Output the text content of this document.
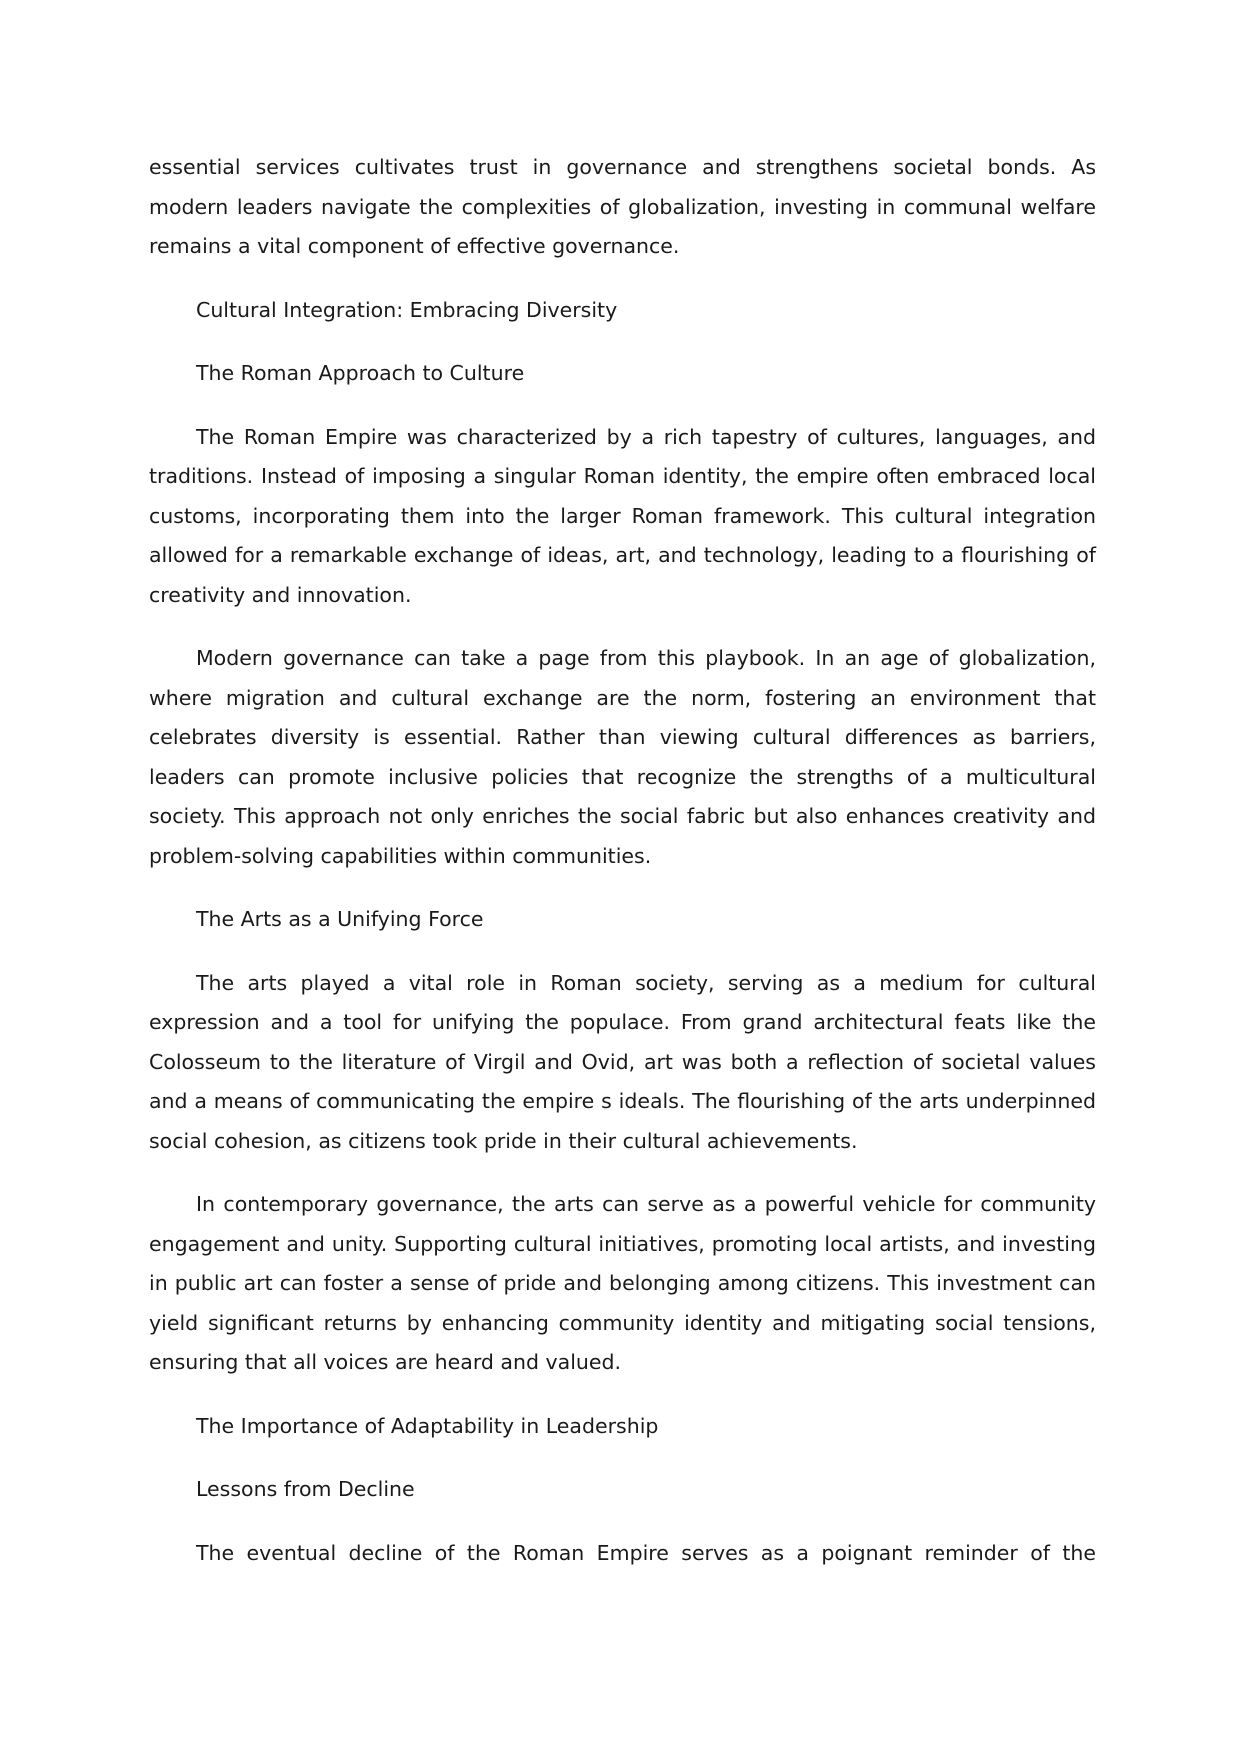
essential services cultivates trust in governance and strengthens societal bonds. As modern leaders navigate the complexities of globalization, investing in communal welfare remains a vital component of effective governance.

Cultural Integration: Embracing Diversity

The Roman Approach to Culture

The Roman Empire was characterized by a rich tapestry of cultures, languages, and traditions. Instead of imposing a singular Roman identity, the empire often embraced local customs, incorporating them into the larger Roman framework. This cultural integration allowed for a remarkable exchange of ideas, art, and technology, leading to a flourishing of creativity and innovation.

Modern governance can take a page from this playbook. In an age of globalization, where migration and cultural exchange are the norm, fostering an environment that celebrates diversity is essential. Rather than viewing cultural differences as barriers, leaders can promote inclusive policies that recognize the strengths of a multicultural society. This approach not only enriches the social fabric but also enhances creativity and problem-solving capabilities within communities.

The Arts as a Unifying Force

The arts played a vital role in Roman society, serving as a medium for cultural expression and a tool for unifying the populace. From grand architectural feats like the Colosseum to the literature of Virgil and Ovid, art was both a reflection of societal values and a means of communicating the empire s ideals. The flourishing of the arts underpinned social cohesion, as citizens took pride in their cultural achievements.

In contemporary governance, the arts can serve as a powerful vehicle for community engagement and unity. Supporting cultural initiatives, promoting local artists, and investing in public art can foster a sense of pride and belonging among citizens. This investment can yield significant returns by enhancing community identity and mitigating social tensions, ensuring that all voices are heard and valued.

The Importance of Adaptability in Leadership

Lessons from Decline

The eventual decline of the Roman Empire serves as a poignant reminder of the
